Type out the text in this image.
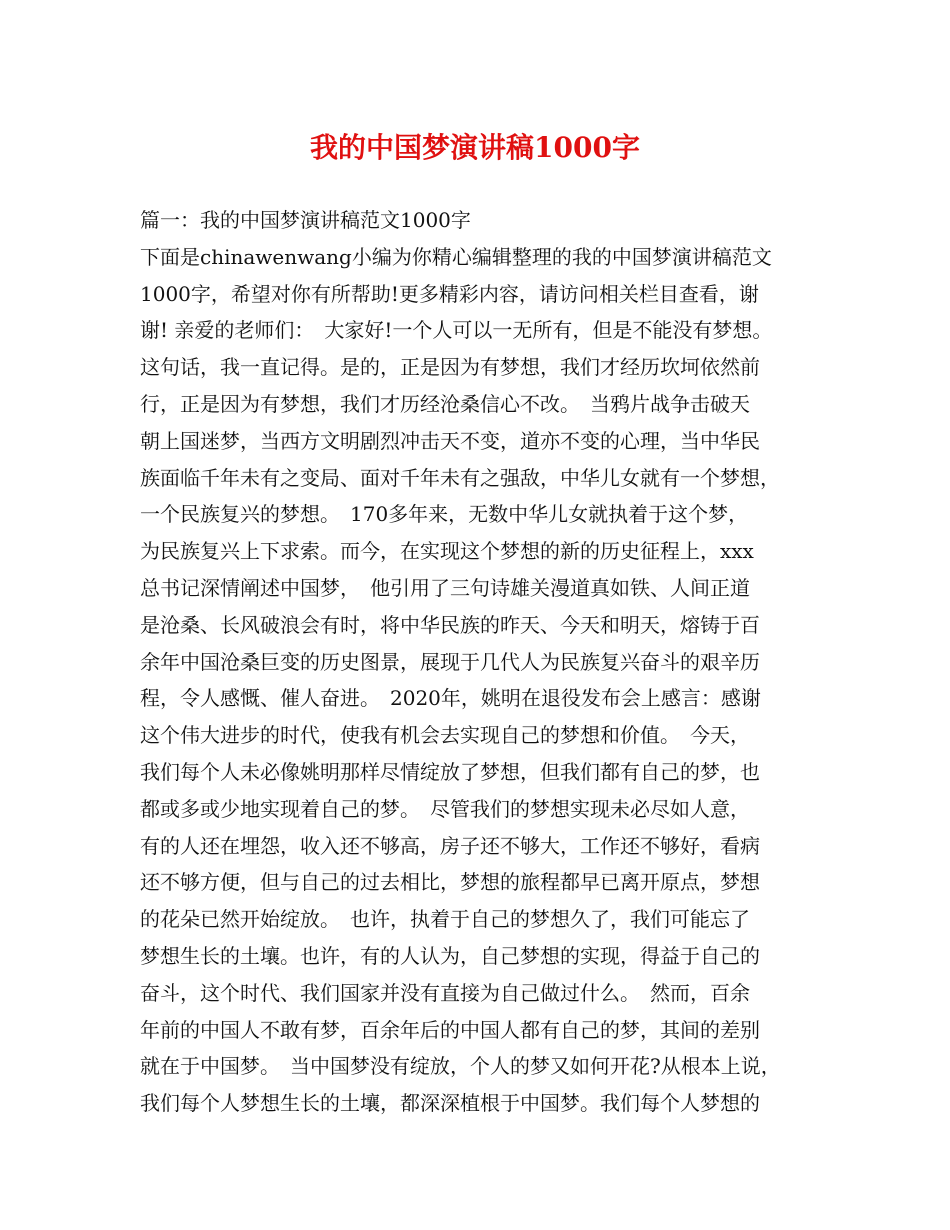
我的中国梦演讲稿1000字
篇一：我的中国梦演讲稿范文1000字
下面是chinawenwang小编为你精心编辑整理的我的中国梦演讲稿范文
1000字，希望对你有所帮助!更多精彩内容，请访问相关栏目查看，谢
谢! 亲爱的老师们：　大家好!一个人可以一无所有，但是不能没有梦想。
这句话，我一直记得。是的，正是因为有梦想，我们才经历坎坷依然前
行，正是因为有梦想，我们才历经沧桑信心不改。　当鸦片战争击破天
朝上国迷梦，当西方文明剧烈冲击天不变，道亦不变的心理，当中华民
族面临千年未有之变局、面对千年未有之强敌，中华儿女就有一个梦想，
一个民族复兴的梦想。　170多年来，无数中华儿女就执着于这个梦，
为民族复兴上下求索。而今，在实现这个梦想的新的历史征程上，xxx
总书记深情阐述中国梦，　他引用了三句诗雄关漫道真如铁、人间正道
是沧桑、长风破浪会有时，将中华民族的昨天、今天和明天，熔铸于百
余年中国沧桑巨变的历史图景，展现于几代人为民族复兴奋斗的艰辛历
程，令人感慨、催人奋进。　2020年，姚明在退役发布会上感言：感谢
这个伟大进步的时代，使我有机会去实现自己的梦想和价值。　今天，
我们每个人未必像姚明那样尽情绽放了梦想，但我们都有自己的梦，也
都或多或少地实现着自己的梦。　尽管我们的梦想实现未必尽如人意，
有的人还在埋怨，收入还不够高，房子还不够大，工作还不够好，看病
还不够方便，但与自己的过去相比，梦想的旅程都早已离开原点，梦想
的花朵已然开始绽放。　也许，执着于自己的梦想久了，我们可能忘了
梦想生长的土壤。也许，有的人认为，自己梦想的实现，得益于自己的
奋斗，这个时代、我们国家并没有直接为自己做过什么。　然而，百余
年前的中国人不敢有梦，百余年后的中国人都有自己的梦，其间的差别
就在于中国梦。　当中国梦没有绽放，个人的梦又如何开花?从根本上说，
我们每个人梦想生长的土壤，都深深植根于中国梦。我们每个人梦想的
